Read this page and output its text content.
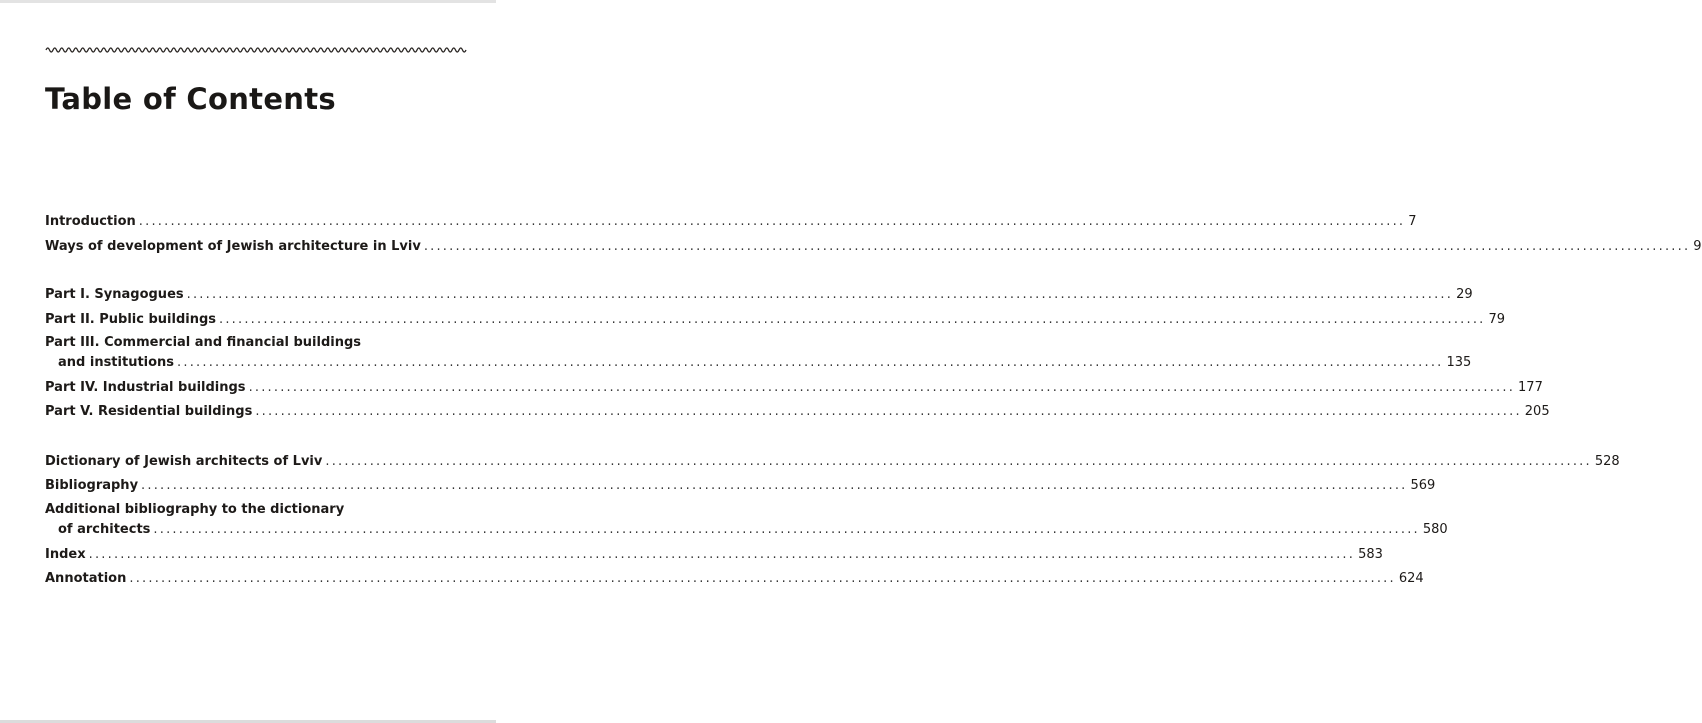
Table of Contents
Introduction ........................................................................................................................................................................................................ 7
Ways of development of Jewish architecture in Lviv ........................................................................................................................................................................................................ 9
Part I. Synagogues ........................................................................................................................................................................................................ 29
Part II. Public buildings ........................................................................................................................................................................................................ 79
Part III. Commercial and financial buildings
and institutions ........................................................................................................................................................................................................ 135
Part IV. Industrial buildings ........................................................................................................................................................................................................ 177
Part V. Residential buildings ........................................................................................................................................................................................................ 205
Dictionary of Jewish architects of Lviv ........................................................................................................................................................................................................ 528
Bibliography ........................................................................................................................................................................................................ 569
Additional bibliography to the dictionary
of architects ........................................................................................................................................................................................................ 580
Index ........................................................................................................................................................................................................ 583
Annotation ........................................................................................................................................................................................................ 624
